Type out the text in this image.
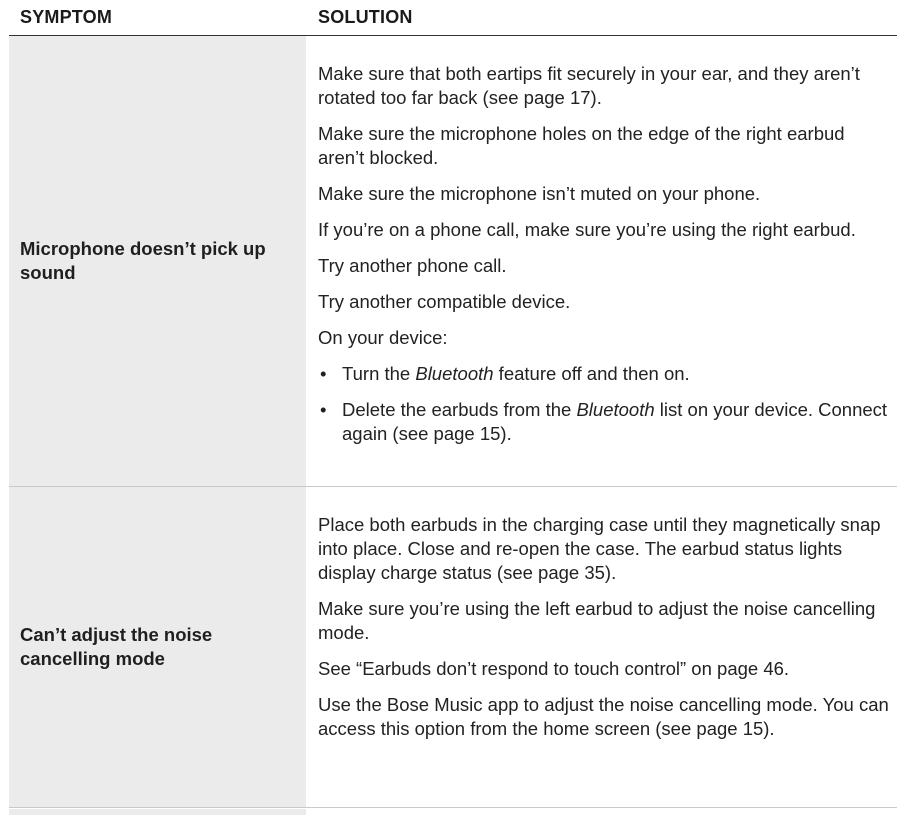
SYMPTOM	SOLUTION
Microphone doesn’t pick up sound

Make sure that both eartips fit securely in your ear, and they aren’t rotated too far back (see page 17).

Make sure the microphone holes on the edge of the right earbud aren’t blocked.

Make sure the microphone isn’t muted on your phone.

If you’re on a phone call, make sure you’re using the right earbud.

Try another phone call.

Try another compatible device.

On your device:

• Turn the Bluetooth feature off and then on.
• Delete the earbuds from the Bluetooth list on your device. Connect again (see page 15).
Can’t adjust the noise cancelling mode

Place both earbuds in the charging case until they magnetically snap into place. Close and re-open the case. The earbud status lights display charge status (see page 35).

Make sure you’re using the left earbud to adjust the noise cancelling mode.

See “Earbuds don’t respond to touch control” on page 46.

Use the Bose Music app to adjust the noise cancelling mode. You can access this option from the home screen (see page 15).
